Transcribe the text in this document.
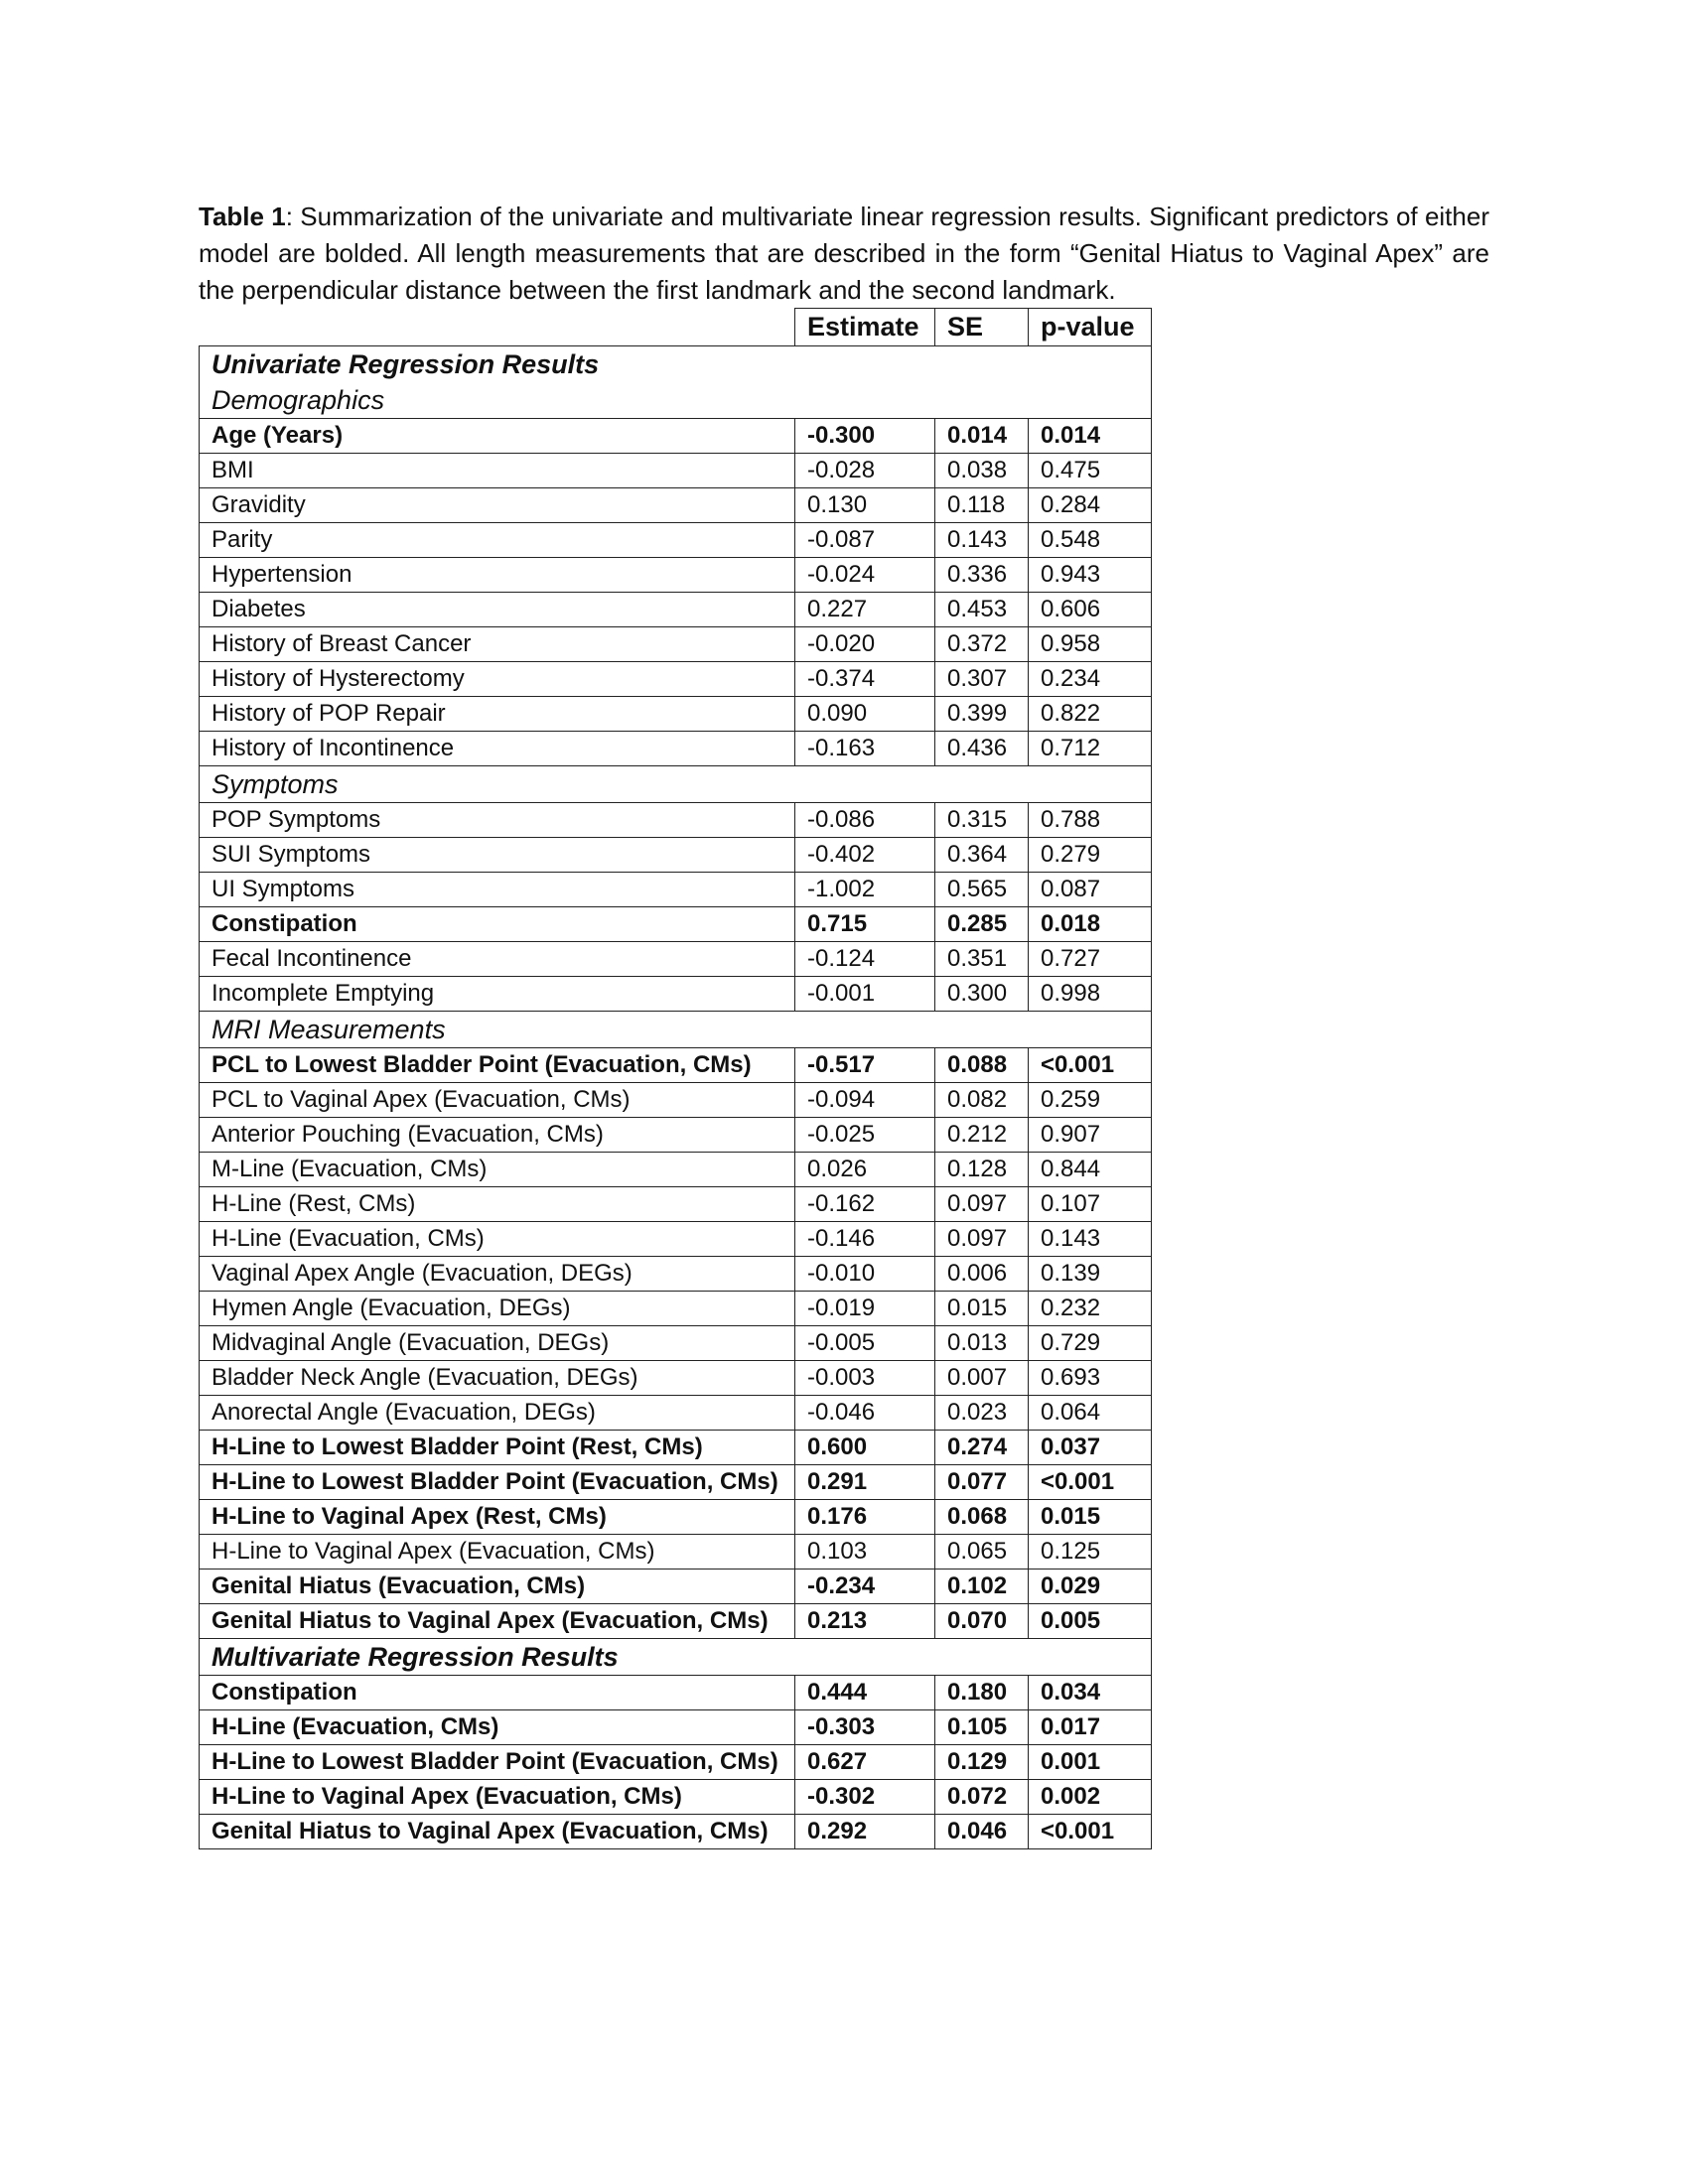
Table 1: Summarization of the univariate and multivariate linear regression results. Significant predictors of either model are bolded. All length measurements that are described in the form “Genital Hiatus to Vaginal Apex” are the perpendicular distance between the first landmark and the second landmark.
	Estimate	SE	p-value
Univariate Regression Results			
Demographics			
Age (Years)	-0.300	0.014	0.014
BMI	-0.028	0.038	0.475
Gravidity	0.130	0.118	0.284
Parity	-0.087	0.143	0.548
Hypertension	-0.024	0.336	0.943
Diabetes	0.227	0.453	0.606
History of Breast Cancer	-0.020	0.372	0.958
History of Hysterectomy	-0.374	0.307	0.234
History of POP Repair	0.090	0.399	0.822
History of Incontinence	-0.163	0.436	0.712
Symptoms			
POP Symptoms	-0.086	0.315	0.788
SUI Symptoms	-0.402	0.364	0.279
UI Symptoms	-1.002	0.565	0.087
Constipation	0.715	0.285	0.018
Fecal Incontinence	-0.124	0.351	0.727
Incomplete Emptying	-0.001	0.300	0.998
MRI Measurements			
PCL to Lowest Bladder Point (Evacuation, CMs)	-0.517	0.088	<0.001
PCL to Vaginal Apex (Evacuation, CMs)	-0.094	0.082	0.259
Anterior Pouching (Evacuation, CMs)	-0.025	0.212	0.907
M-Line (Evacuation, CMs)	0.026	0.128	0.844
H-Line (Rest, CMs)	-0.162	0.097	0.107
H-Line (Evacuation, CMs)	-0.146	0.097	0.143
Vaginal Apex Angle (Evacuation, DEGs)	-0.010	0.006	0.139
Hymen Angle (Evacuation, DEGs)	-0.019	0.015	0.232
Midvaginal Angle (Evacuation, DEGs)	-0.005	0.013	0.729
Bladder Neck Angle (Evacuation, DEGs)	-0.003	0.007	0.693
Anorectal Angle (Evacuation, DEGs)	-0.046	0.023	0.064
H-Line to Lowest Bladder Point (Rest, CMs)	0.600	0.274	0.037
H-Line to Lowest Bladder Point (Evacuation, CMs)	0.291	0.077	<0.001
H-Line to Vaginal Apex (Rest, CMs)	0.176	0.068	0.015
H-Line to Vaginal Apex (Evacuation, CMs)	0.103	0.065	0.125
Genital Hiatus (Evacuation, CMs)	-0.234	0.102	0.029
Genital Hiatus to Vaginal Apex (Evacuation, CMs)	0.213	0.070	0.005
Multivariate Regression Results			
Constipation	0.444	0.180	0.034
H-Line (Evacuation, CMs)	-0.303	0.105	0.017
H-Line to Lowest Bladder Point (Evacuation, CMs)	0.627	0.129	0.001
H-Line to Vaginal Apex (Evacuation, CMs)	-0.302	0.072	0.002
Genital Hiatus to Vaginal Apex (Evacuation, CMs)	0.292	0.046	<0.001
